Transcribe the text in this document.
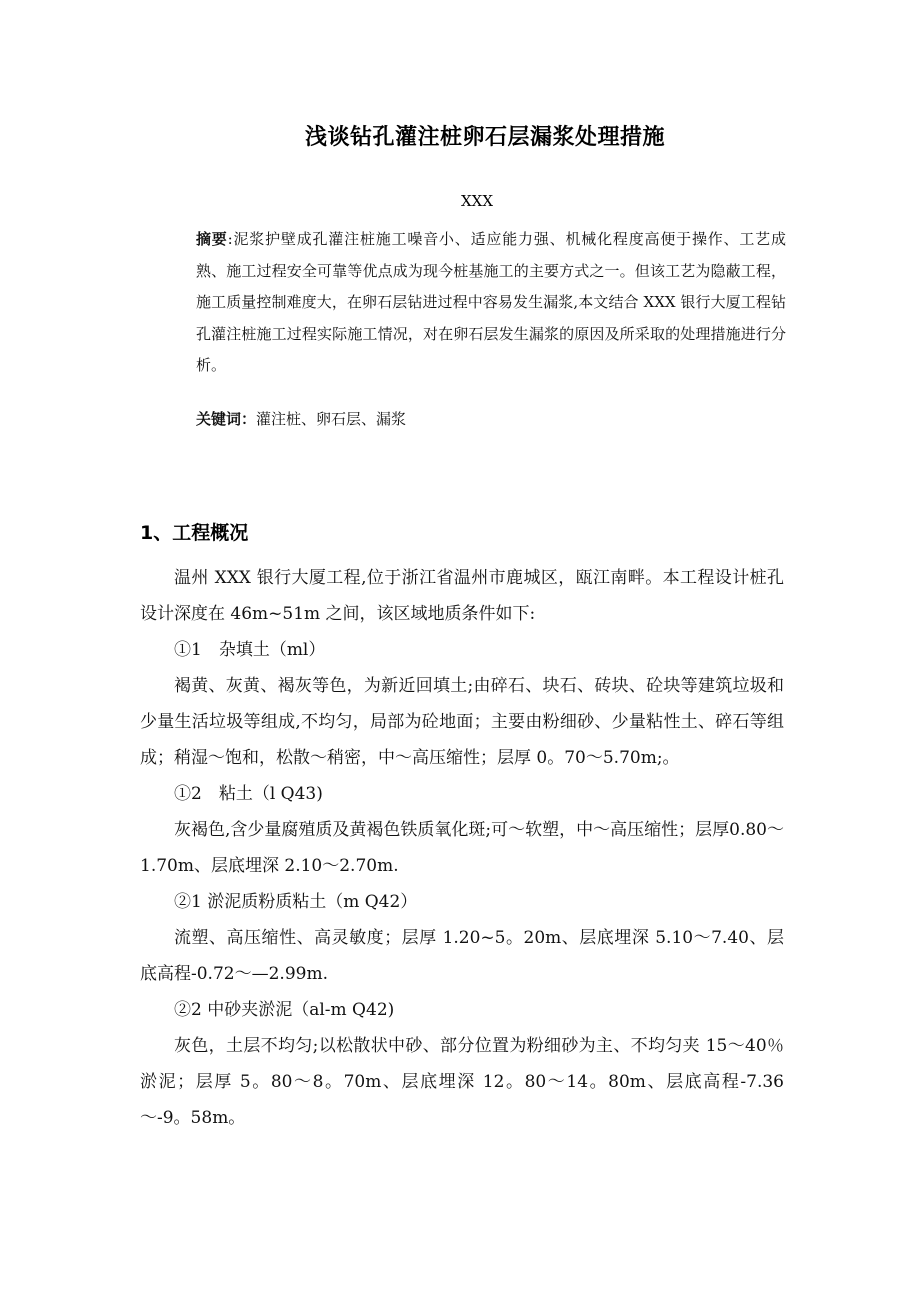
浅谈钻孔灌注桩卵石层漏浆处理措施
XXX
摘要:泥浆护壁成孔灌注桩施工噪音小、适应能力强、机械化程度高便于操作、工艺成熟、施工过程安全可靠等优点成为现今桩基施工的主要方式之一。但该工艺为隐蔽工程，施工质量控制难度大，在卵石层钻进过程中容易发生漏浆,本文结合 XXX 银行大厦工程钻孔灌注桩施工过程实际施工情况，对在卵石层发生漏浆的原因及所采取的处理措施进行分析。
关键词：灌注桩、卵石层、漏浆
1、工程概况

温州 XXX 银行大厦工程,位于浙江省温州市鹿城区，瓯江南畔。本工程设计桩孔设计深度在 46m~51m 之间，该区域地质条件如下:

①1　杂填土（ml）

褐黄、灰黄、褐灰等色，为新近回填土;由碎石、块石、砖块、砼块等建筑垃圾和少量生活垃圾等组成,不均匀，局部为砼地面；主要由粉细砂、少量粘性土、碎石等组成；稍湿～饱和，松散～稍密，中～高压缩性；层厚 0。70～5.70m;。

①2　粘土（l Q43)

灰褐色,含少量腐殖质及黄褐色铁质氧化斑;可～软塑，中～高压缩性；层厚0.80～1.70m、层底埋深 2.10～2.70m.

②1 淤泥质粉质粘土（m Q42）

流塑、高压缩性、高灵敏度；层厚 1.20~5。20m、层底埋深 5.10～7.40、层底高程-0.72～—2.99m.

②2 中砂夹淤泥（al-m Q42)

灰色，土层不均匀;以松散状中砂、部分位置为粉细砂为主、不均匀夹 15～40％淤泥；层厚 5。80～8。70m、层底埋深 12。80～14。80m、层底高程-7.36～-9。58m。
